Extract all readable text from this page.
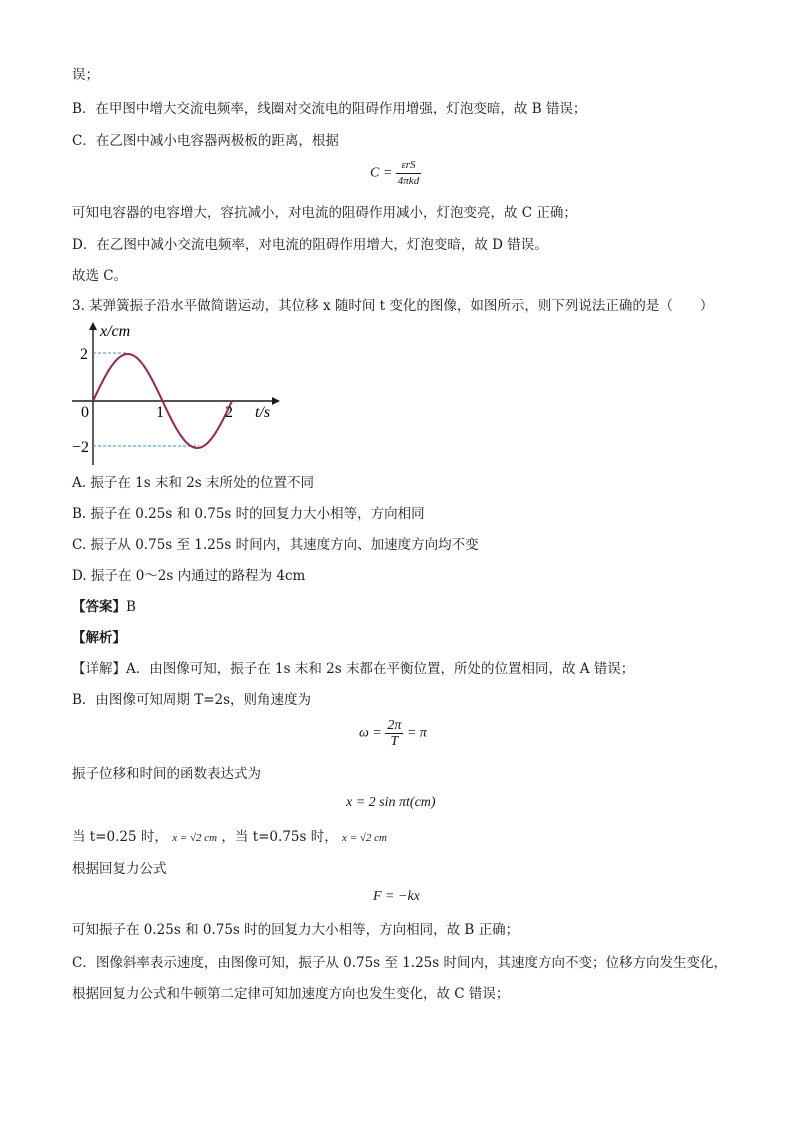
误；
B．在甲图中增大交流电频率，线圈对交流电的阻碍作用增强，灯泡变暗，故 B 错误；
C．在乙图中减小电容器两极板的距离，根据
$C = \frac{\text{εrS}}{\text{4πkd}}$
可知电容器的电容增大，容抗减小，对电流的阻碍作用减小，灯泡变亮，故 C 正确；
D．在乙图中减小交流电频率，对电流的阻碍作用增大，灯泡变暗，故 D 错误。
故选 C。
3. 某弹簧振子沿水平做简谐运动，其位移 x 随时间 t 变化的图像，如图所示，则下列说法正确的是（　　）
x/cm
2
−2
0	1	2 t/s
A. 振子在 1s 末和 2s 末所处的位置不同
B. 振子在 0.25s 和 0.75s 时的回复力大小相等，方向相同
C. 振子从 0.75s 至 1.25s 时间内，其速度方向、加速度方向均不变
D. 振子在 0～2s 内通过的路程为 4cm
【答案】B
【解析】
【详解】A．由图像可知，振子在 1s 末和 2s 末都在平衡位置，所处的位置相同，故 A 错误；
B．由图像可知周期 T=2s，则角速度为
$\omega = \frac{2\pi}{T} = \pi$
振子位移和时间的函数表达式为
x = 2 sin πt(cm)
当 t=0.25 时， x = √2 cm ，当 t=0.75s 时， x = √2 cm
根据回复力公式
F = −kx
可知振子在 0.25s 和 0.75s 时的回复力大小相等，方向相同，故 B 正确；
C．图像斜率表示速度，由图像可知，振子从 0.75s 至 1.25s 时间内，其速度方向不变；位移方向发生变化，
根据回复力公式和牛顿第二定律可知加速度方向也发生变化，故 C 错误；
